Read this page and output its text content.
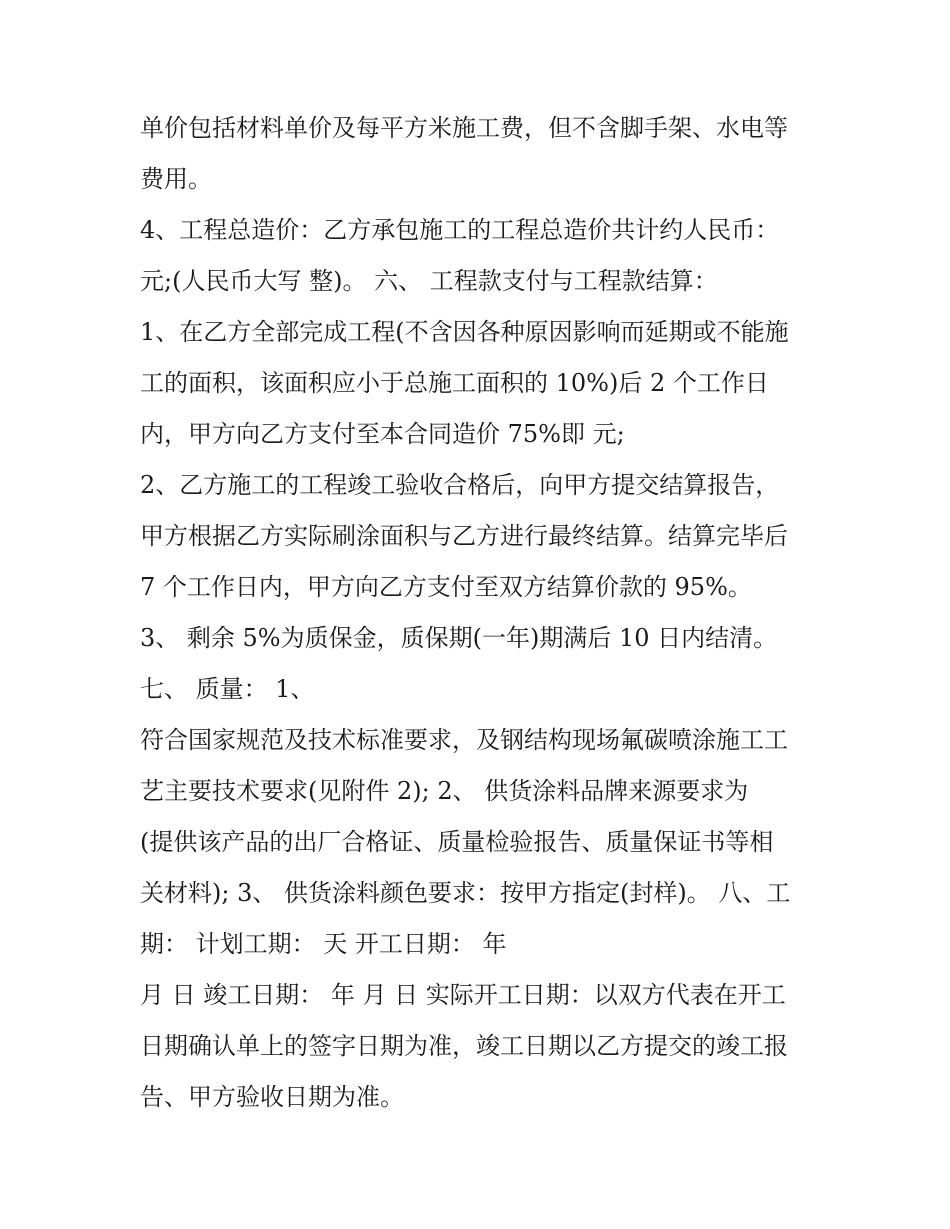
单价包括材料单价及每平方米施工费，但不含脚手架、水电等
费用。
4、工程总造价：乙方承包施工的工程总造价共计约人民币：
元;(人民币大写 整)。 六、 工程款支付与工程款结算：
1、在乙方全部完成工程(不含因各种原因影响而延期或不能施
工的面积，该面积应小于总施工面积的 10%)后 2 个工作日
内，甲方向乙方支付至本合同造价 75%即 元;
2、乙方施工的工程竣工验收合格后，向甲方提交结算报告，
甲方根据乙方实际刷涂面积与乙方进行最终结算。结算完毕后
7 个工作日内，甲方向乙方支付至双方结算价款的 95%。
3、 剩余 5%为质保金，质保期(一年)期满后 10 日内结清。
七、 质量： 1、
符合国家规范及技术标准要求，及钢结构现场氟碳喷涂施工工
艺主要技术要求(见附件 2); 2、 供货涂料品牌来源要求为
(提供该产品的出厂合格证、质量检验报告、质量保证书等相
关材料); 3、 供货涂料颜色要求：按甲方指定(封样)。 八、工
期： 计划工期： 天 开工日期： 年
月 日 竣工日期： 年 月 日 实际开工日期：以双方代表在开工
日期确认单上的签字日期为准，竣工日期以乙方提交的竣工报
告、甲方验收日期为准。
